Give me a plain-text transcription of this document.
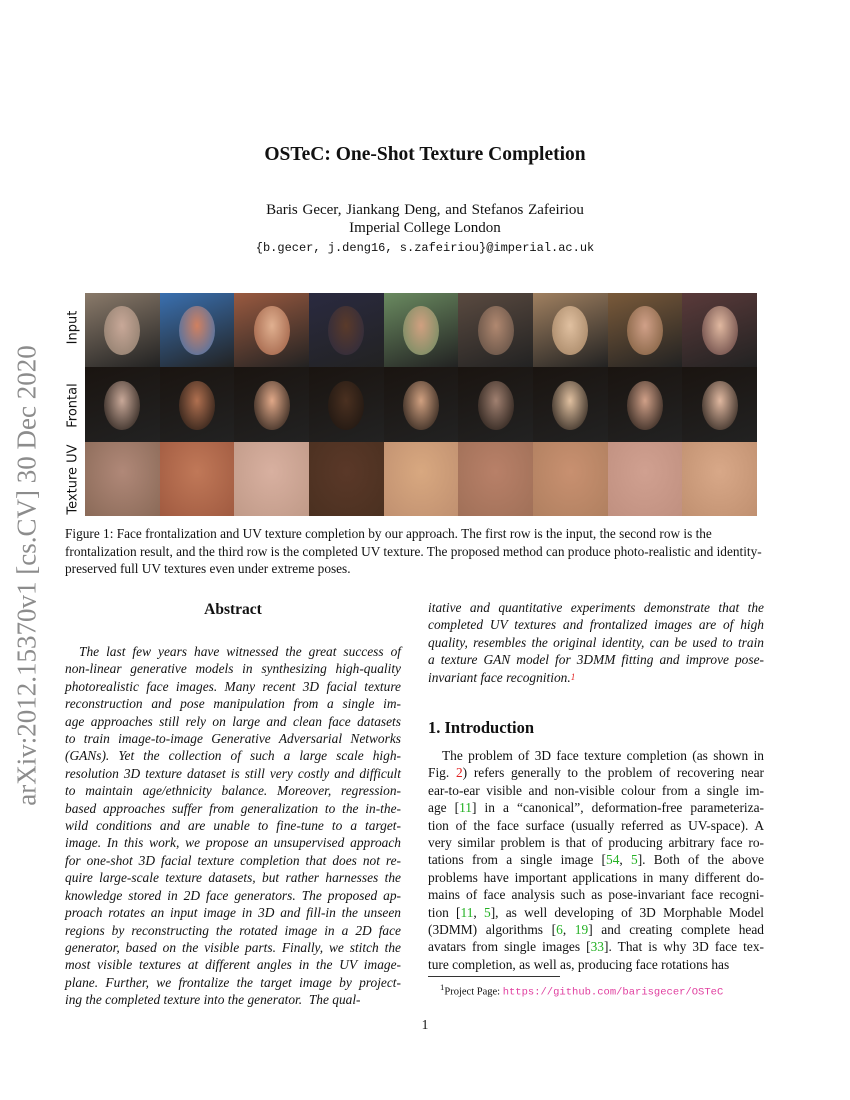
arXiv:2012.15370v1 [cs.CV] 30 Dec 2020
OSTeC: One-Shot Texture Completion
Baris Gecer, Jiankang Deng, and Stefanos Zafeiriou
Imperial College London
{b.gecer, j.deng16, s.zafeiriou}@imperial.ac.uk
Input
Frontal
Texture UV
Figure 1: Face frontalization and UV texture completion by our approach. The first row is the input, the second row is the frontalization result, and the third row is the completed UV texture. The proposed method can produce photo-realistic and identity-preserved full UV textures even under extreme poses.
Abstract
The last few years have witnessed the great success of
non-linear generative models in synthesizing high-quality
photorealistic face images. Many recent 3D facial texture
reconstruction and pose manipulation from a single im-
age approaches still rely on large and clean face datasets
to train image-to-image Generative Adversarial Networks
(GANs). Yet the collection of such a large scale high-
resolution 3D texture dataset is still very costly and difficult
to maintain age/ethnicity balance. Moreover, regression-
based approaches suffer from generalization to the in-the-
wild conditions and are unable to fine-tune to a target-
image. In this work, we propose an unsupervised approach
for one-shot 3D facial texture completion that does not re-
quire large-scale texture datasets, but rather harnesses the
knowledge stored in 2D face generators. The proposed ap-
proach rotates an input image in 3D and fill-in the unseen
regions by reconstructing the rotated image in a 2D face
generator, based on the visible parts. Finally, we stitch the
most visible textures at different angles in the UV image-
plane. Further, we frontalize the target image by project-
ing the completed texture into the generator.  The qual-
itative and quantitative experiments demonstrate that the
completed UV textures and frontalized images are of high
quality, resembles the original identity, can be used to train
a texture GAN model for 3DMM fitting and improve pose-
invariant face recognition. 1
1. Introduction
The problem of 3D face texture completion (as shown in
Fig. 2) refers generally to the problem of recovering near
ear-to-ear visible and non-visible colour from a single im-
age [11] in a “canonical”, deformation-free parameteriza-
tion of the face surface (usually referred as UV-space). A
very similar problem is that of producing arbitrary face ro-
tations from a single image [54, 5]. Both of the above
problems have important applications in many different do-
mains of face analysis such as pose-invariant face recogni-
tion [11, 5], as well developing of 3D Morphable Model
(3DMM) algorithms [6, 19] and creating complete head
avatars from single images [33]. That is why 3D face tex-
ture completion, as well as, producing face rotations has
$^1$Project Page: https://github.com/barisgecer/OSTeC
1
